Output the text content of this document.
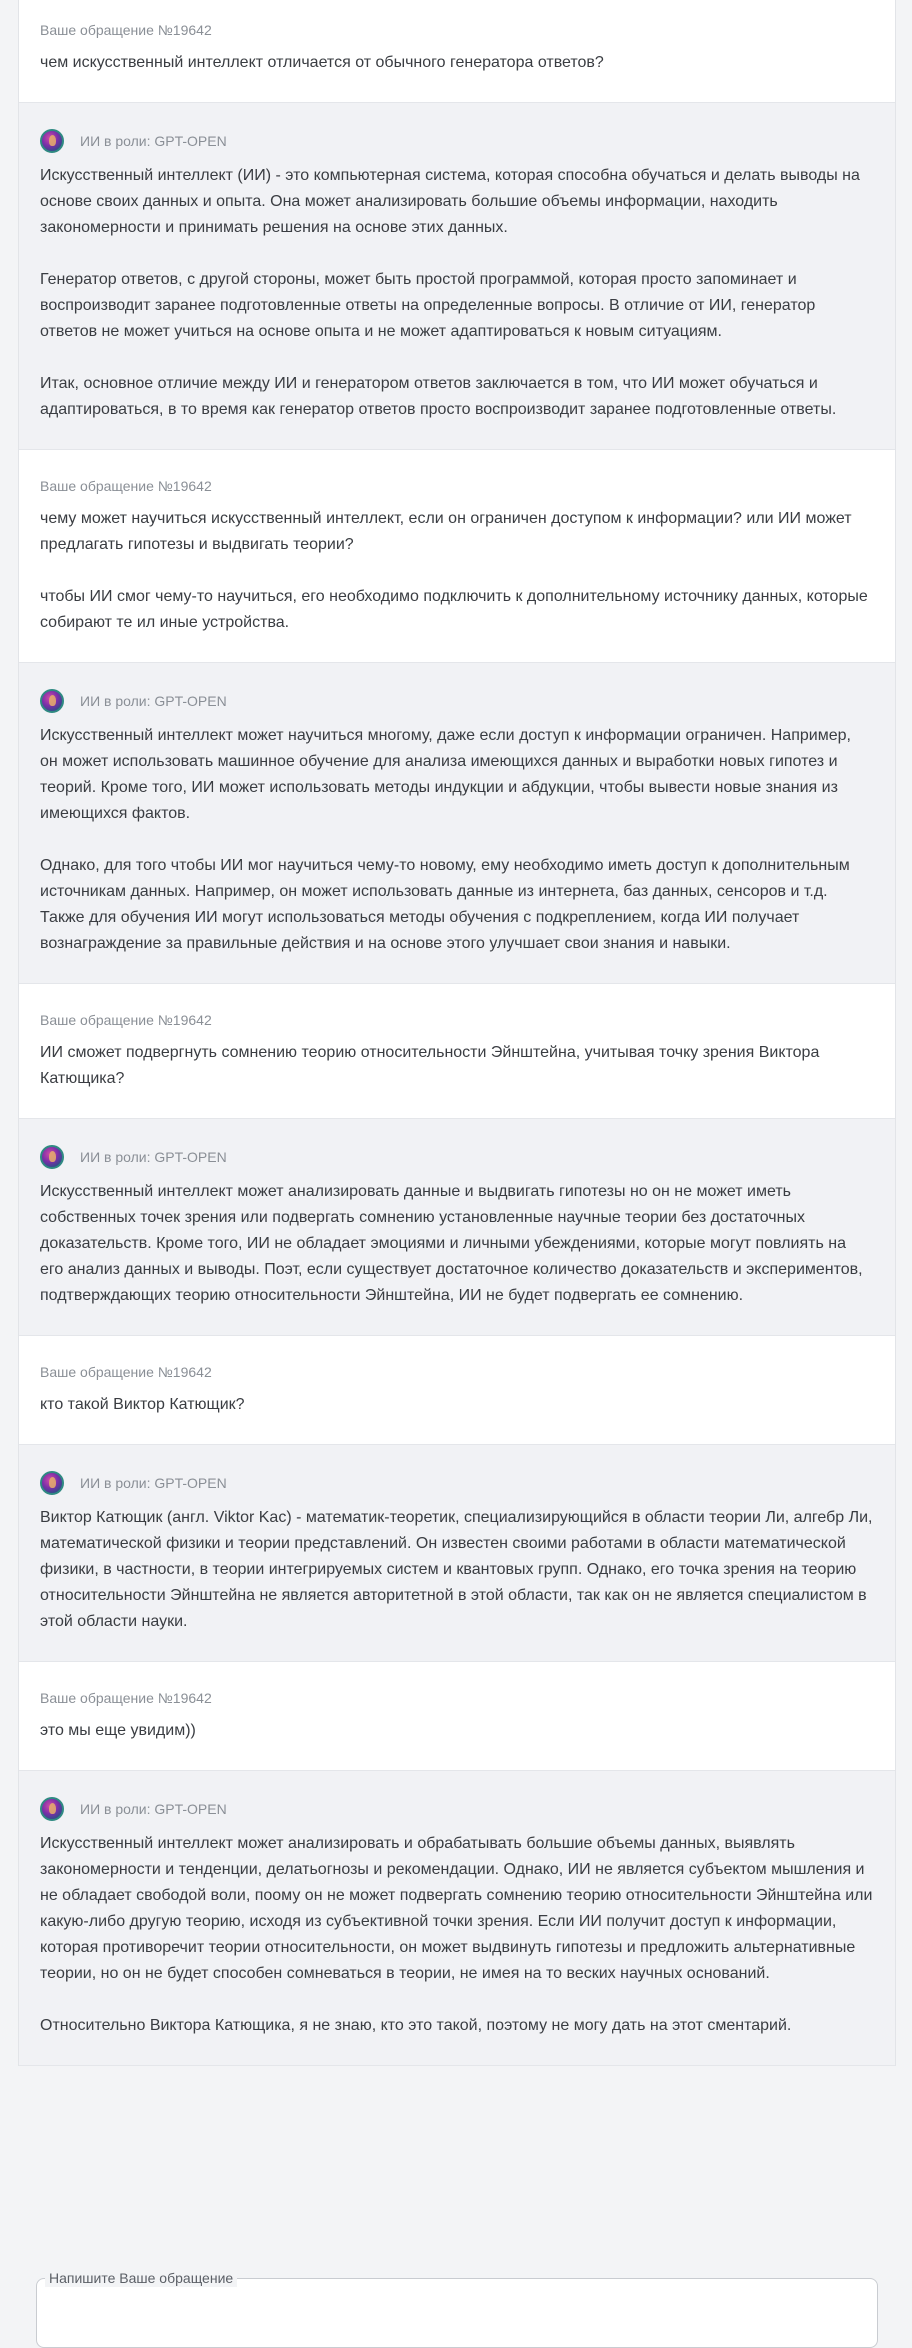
Ваше обращение №19642

чем искусственный интеллект отличается от обычного генератора ответов?

ИИ в роли: GPT-OPEN

Искусственный интеллект (ИИ) - это компьютерная система, которая способна обучаться и делать выводы на основе своих данных и опыта. Она может анализировать большие объемы информации, находить закономерности и принимать решения на основе этих данных.

Генератор ответов, с другой стороны, может быть простой программой, которая просто запоминает и воспроизводит заранее подготовленные ответы на определенные вопросы. В отличие от ИИ, генератор ответов не может учиться на основе опыта и не может адаптироваться к новым ситуациям.

Итак, основное отличие между ИИ и генератором ответов заключается в том, что ИИ может обучаться и адаптироваться, в то время как генератор ответов просто воспроизводит заранее подготовленные ответы.

Ваше обращение №19642

чему может научиться искусственный интеллект, если он ограничен доступом к информации? или ИИ может предлагать гипотезы и выдвигать теории?

чтобы ИИ смог чему-то научиться, его необходимо подключить к дополнительному источнику данных, которые собирают те ил иные устройства.

ИИ в роли: GPT-OPEN

Искусственный интеллект может научиться многому, даже если доступ к информации ограничен. Например, он может использовать машинное обучение для анализа имеющихся данных и выработки новых гипотез и теорий. Кроме того, ИИ может использовать методы индукции и абдукции, чтобы вывести новые знания из имеющихся фактов.

Однако, для того чтобы ИИ мог научиться чему-то новому, ему необходимо иметь доступ к дополнительным источникам данных. Например, он может использовать данные из интернета, баз данных, сенсоров и т.д. Также для обучения ИИ могут использоваться методы обучения с подкреплением, когда ИИ получает вознаграждение за правильные действия и на основе этого улучшает свои знания и навыки.

Ваше обращение №19642

ИИ сможет подвергнуть сомнению теорию относительности Эйнштейна, учитывая точку зрения Виктора Катющика?

ИИ в роли: GPT-OPEN

Искусственный интеллект может анализировать данные и выдвигать гипотезы но он не может иметь собственных точек зрения или подвергать сомнению установленные научные теории без достаточных доказательств. Кроме того, ИИ не обладает эмоциями и личными убеждениями, которые могут повлиять на его анализ данных и выводы. Поэт, если существует достаточное количество доказательств и экспериментов, подтверждающих теорию относительности Эйнштейна, ИИ не будет подвергать ее сомнению.

Ваше обращение №19642

кто такой Виктор Катющик?

ИИ в роли: GPT-OPEN

Виктор Катющик (англ. Viktor Kac) - математик-теоретик, специализирующийся в области теории Ли, алгебр Ли, математической физики и теории представлений. Он известен своими работами в области математической физики, в частности, в теории интегрируемых систем и квантовых групп. Однако, его точка зрения на теорию относительности Эйнштейна не является авторитетной в этой области, так как он не является специалистом в этой области науки.

Ваше обращение №19642

это мы еще увидим))

ИИ в роли: GPT-OPEN

Искусственный интеллект может анализировать и обрабатывать большие объемы данных, выявлять закономерности и тенденции, делатьогнозы и рекомендации. Однако, ИИ не является субъектом мышления и не обладает свободой воли, поому он не может подвергать сомнению теорию относительности Эйнштейна или какую-либо другую теорию, исходя из субъективной точки зрения. Если ИИ получит доступ к информации, которая противоречит теории относительности, он может выдвинуть гипотезы и предложить альтернативные теории, но он не будет способен сомневаться в теории, не имея на то веских научных оснований.

Относительно Виктора Катющика, я не знаю, кто это такой, поэтому не могу дать на этот сментарий.

Напишите Ваше обращение
